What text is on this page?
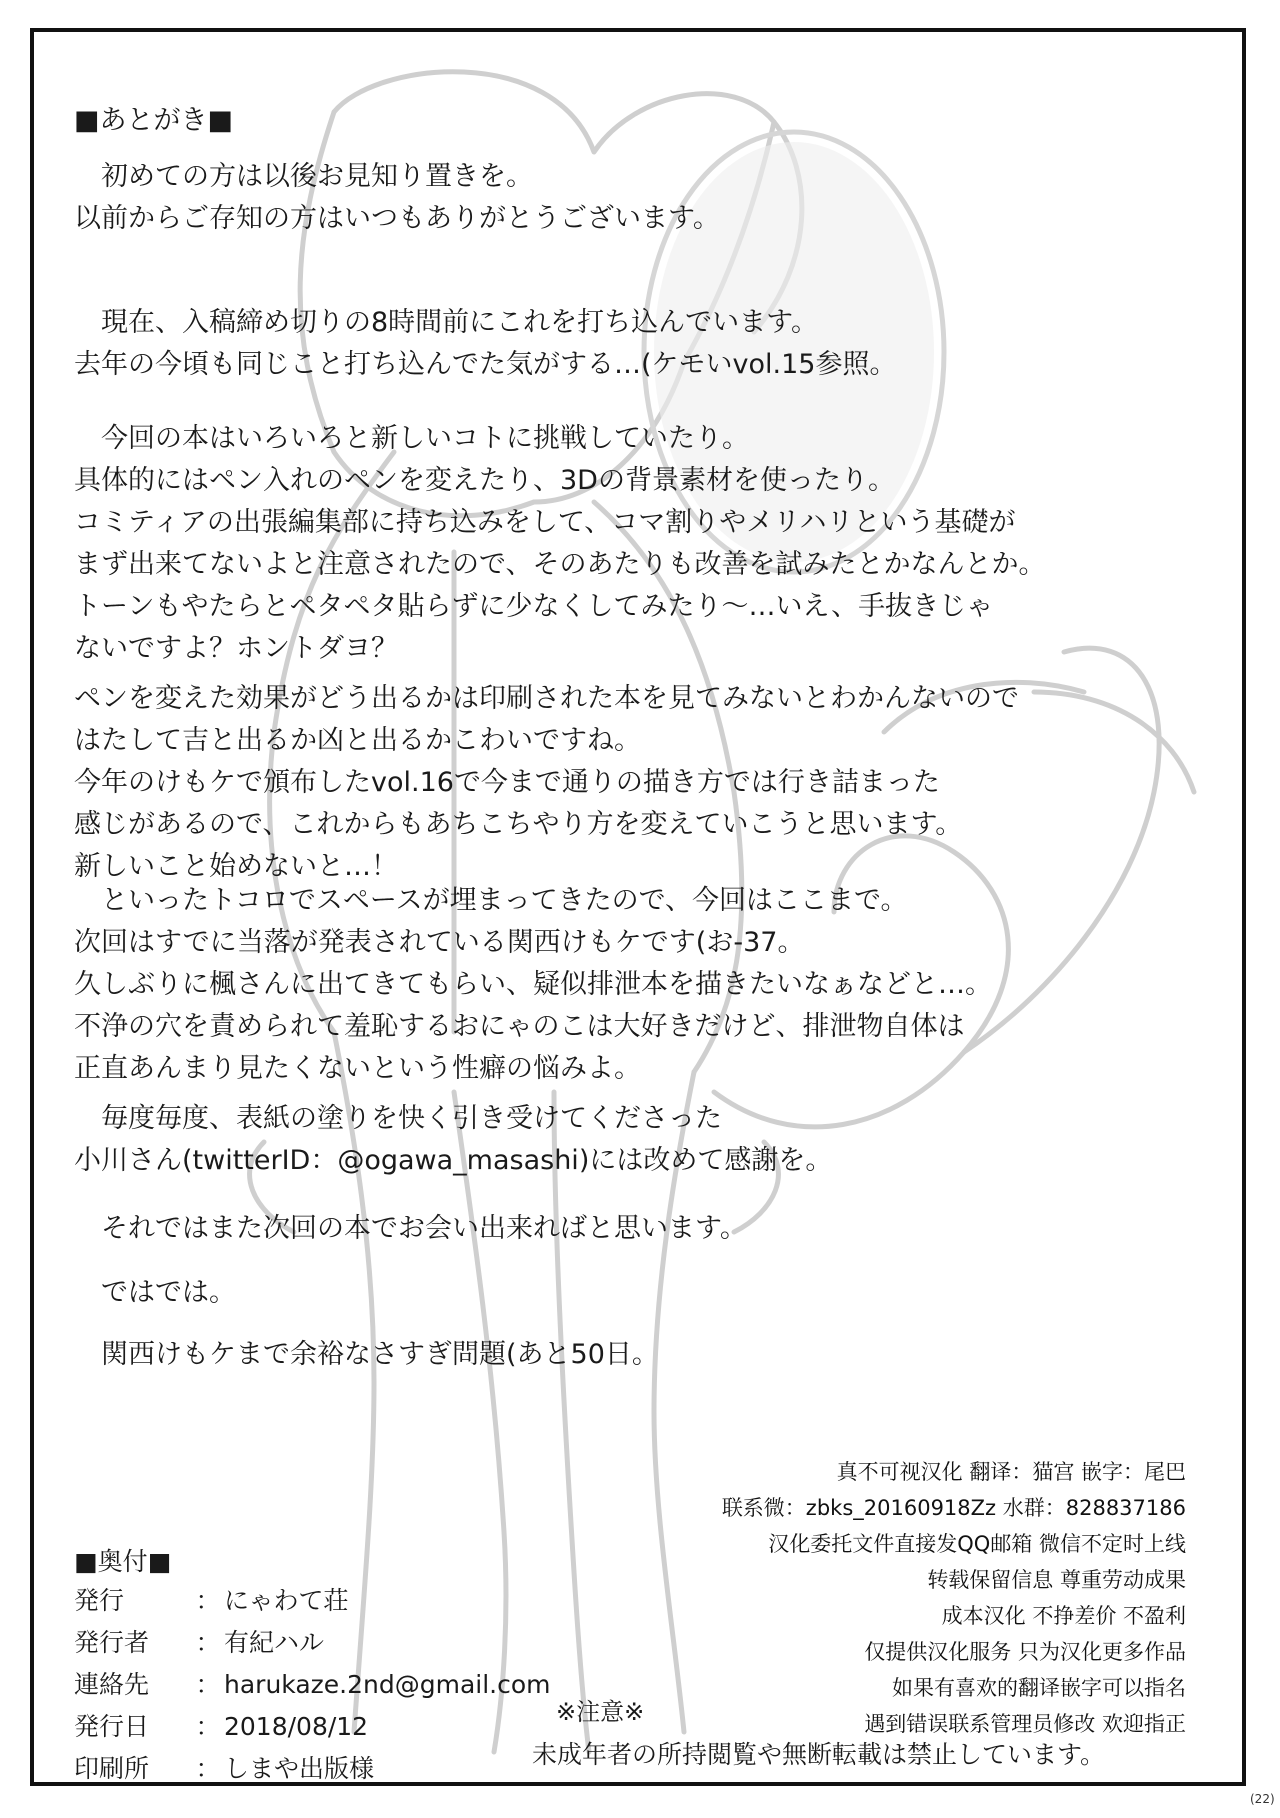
■あとがき■
　初めての方は以後お見知り置きを。
以前からご存知の方はいつもありがとうございます。
　現在、入稿締め切りの8時間前にこれを打ち込んでいます。
去年の今頃も同じこと打ち込んでた気がする…(ケモいvol.15参照。
　今回の本はいろいろと新しいコトに挑戦していたり。
具体的にはペン入れのペンを変えたり、3Dの背景素材を使ったり。
コミティアの出張編集部に持ち込みをして、コマ割りやメリハリという基礎が
まず出来てないよと注意されたので、そのあたりも改善を試みたとかなんとか。
トーンもやたらとペタペタ貼らずに少なくしてみたり～…いえ、手抜きじゃ
ないですよ？ホントダヨ？
ペンを変えた効果がどう出るかは印刷された本を見てみないとわかんないので
はたして吉と出るか凶と出るかこわいですね。
今年のけもケで頒布したvol.16で今まで通りの描き方では行き詰まった
感じがあるので、これからもあちこちやり方を変えていこうと思います。
新しいこと始めないと…！
　といったトコロでスペースが埋まってきたので、今回はここまで。
次回はすでに当落が発表されている関西けもケです(お-37。
久しぶりに楓さんに出てきてもらい、疑似排泄本を描きたいなぁなどと…。
不浄の穴を責められて羞恥するおにゃのこは大好きだけど、排泄物自体は
正直あんまり見たくないという性癖の悩みよ。
　毎度毎度、表紙の塗りを快く引き受けてくださった
小川さん(twitterID：@ogawa_masashi)には改めて感謝を。
　それではまた次回の本でお会い出来ればと思います。
　ではでは。
　関西けもケまで余裕なさすぎ問題(あと50日。
真不可视汉化 翻译：猫宫 嵌字：尾巴
联系微：zbks_20160918Zz 水群：828837186
汉化委托文件直接发QQ邮箱 微信不定时上线
转载保留信息 尊重劳动成果
成本汉化 不挣差价 不盈利
仅提供汉化服务 只为汉化更多作品
如果有喜欢的翻译嵌字可以指名
遇到错误联系管理员修改 欢迎指正
■奥付■
発行	： にゃわて荘
発行者 ： 有紀ハル
連絡先 ： harukaze.2nd@gmail.com
発行日 ： 2018/08/12
印刷所 ： しまや出版様
※注意※
未成年者の所持閲覧や無断転載は禁止しています。
(22)
